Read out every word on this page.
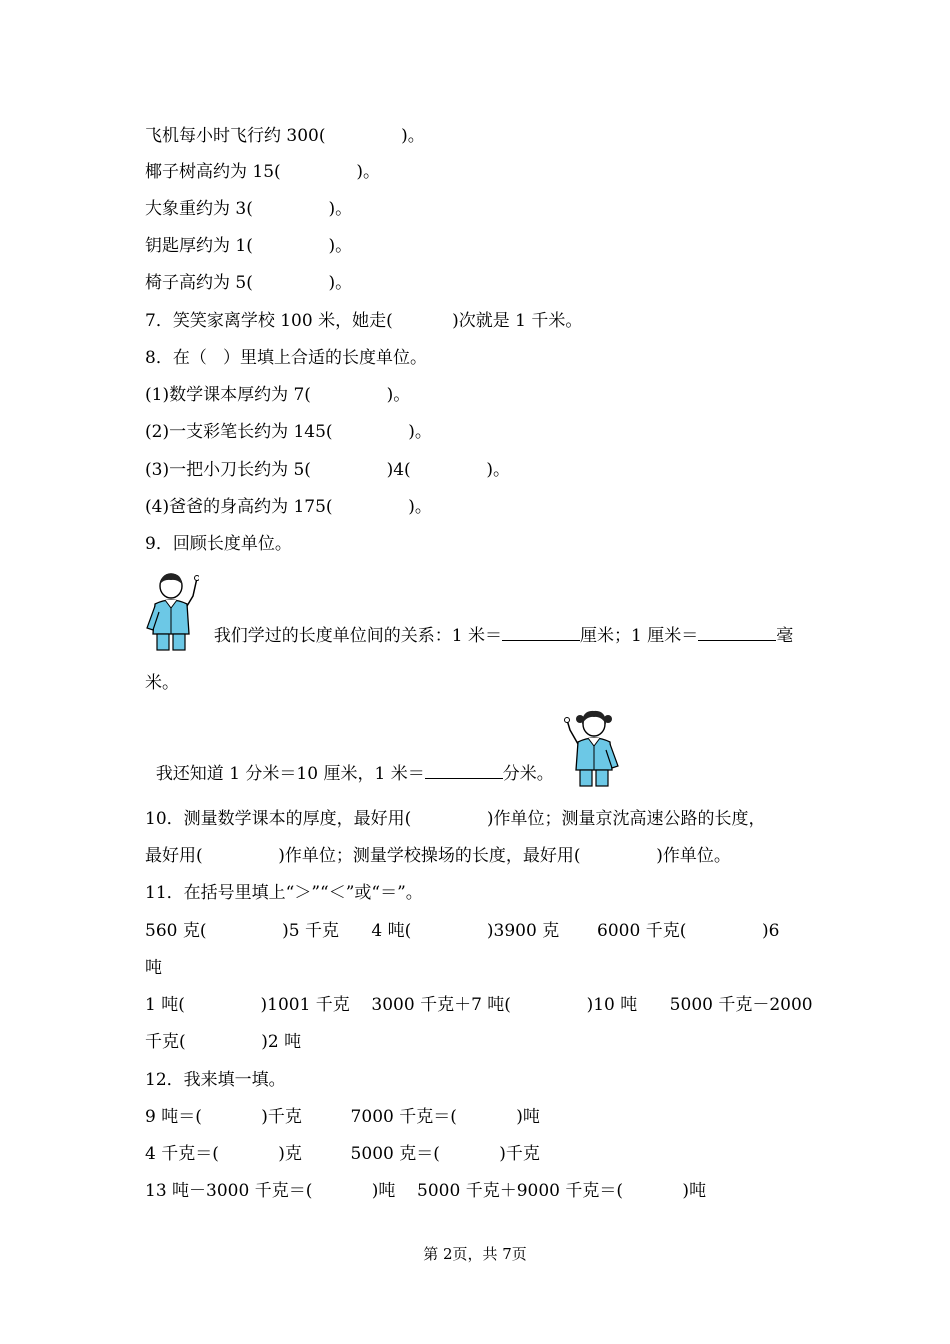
飞机每小时飞行约 300(              )。
椰子树高约为 15(              )。
大象重约为 3(              )。
钥匙厚约为 1(              )。
椅子高约为 5(              )。
7．笑笑家离学校 100 米，她走(           )次就是 1 千米。
8．在（   ）里填上合适的长度单位。
(1)数学课本厚约为 7(              )。
(2)一支彩笔长约为 145(              )。
(3)一把小刀长约为 5(              )4(              )。
(4)爸爸的身高约为 175(              )。
9．回顾长度单位。

我们学过的长度单位间的关系：1 米＝	厘米；1 厘米＝	毫

米。

我还知道 1 分米＝10 厘米，1 米＝	分米。

10．测量数学课本的厚度，最好用(              )作单位；测量京沈高速公路的长度，
最好用(              )作单位；测量学校操场的长度，最好用(              )作单位。
11．在括号里填上“＞”“＜”或“＝”。
560 克(              )5 千克      4 吨(              )3900 克       6000 千克(              )6
吨
1 吨(              )1001 千克    3000 千克＋7 吨(              )10 吨      5000 千克－2000
千克(              )2 吨
12．我来填一填。
9 吨＝(           )千克         7000 千克＝(           )吨
4 千克＝(           )克         5000 克＝(           )千克
13 吨－3000 千克＝(           )吨    5000 千克＋9000 千克＝(           )吨
第 2页，共 7页
